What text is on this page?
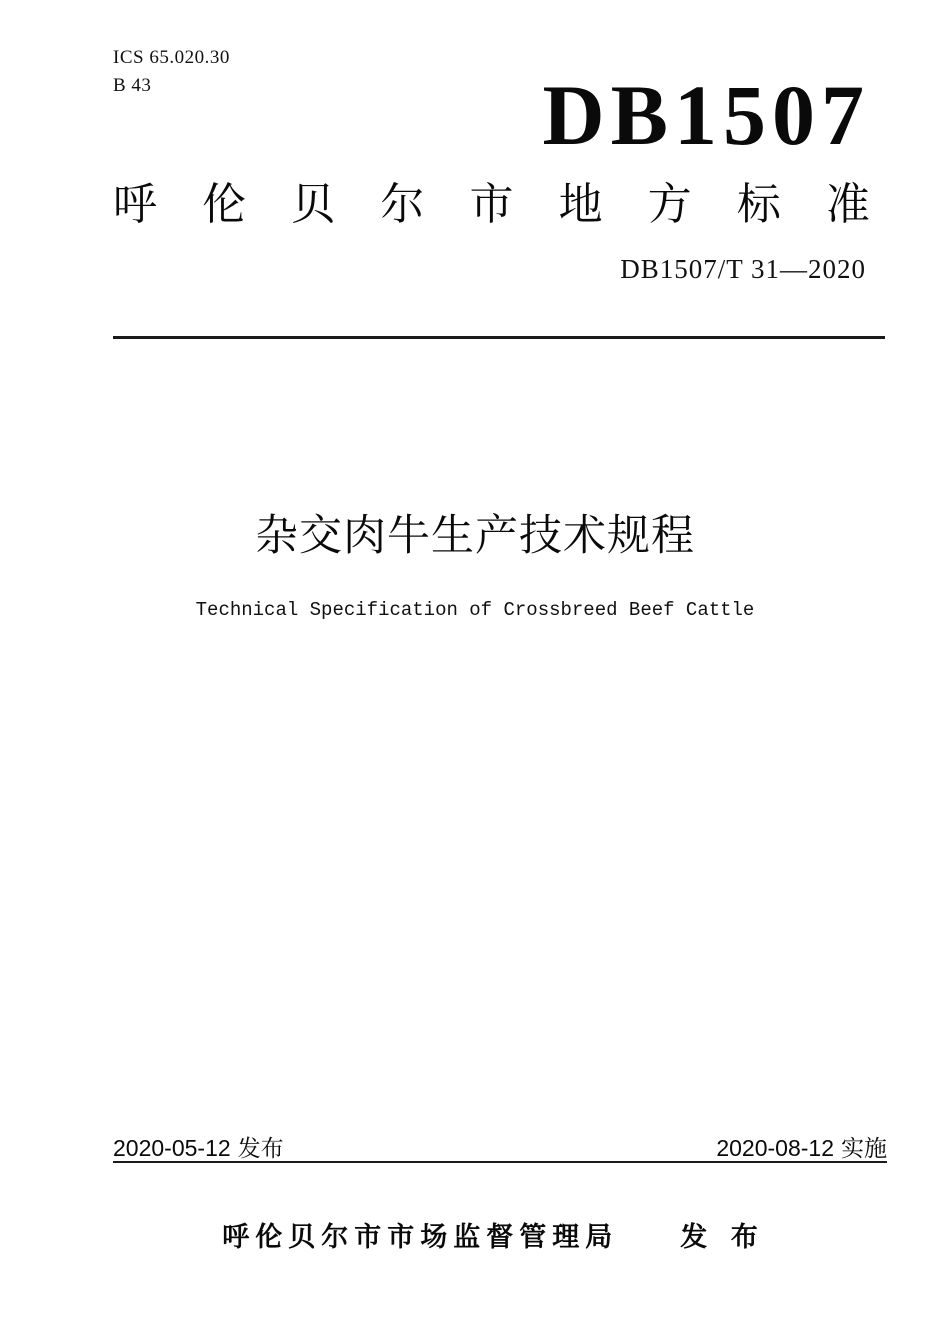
ICS 65.020.30
B 43	DB1507
呼 伦 贝 尔 市 地 方 标 准
DB1507/T 31—2020
杂交肉牛生产技术规程
Technical Specification of Crossbreed Beef Cattle
2020-05-12 发布	2020-08-12 实施
呼伦贝尔市市场监督管理局 发 布
